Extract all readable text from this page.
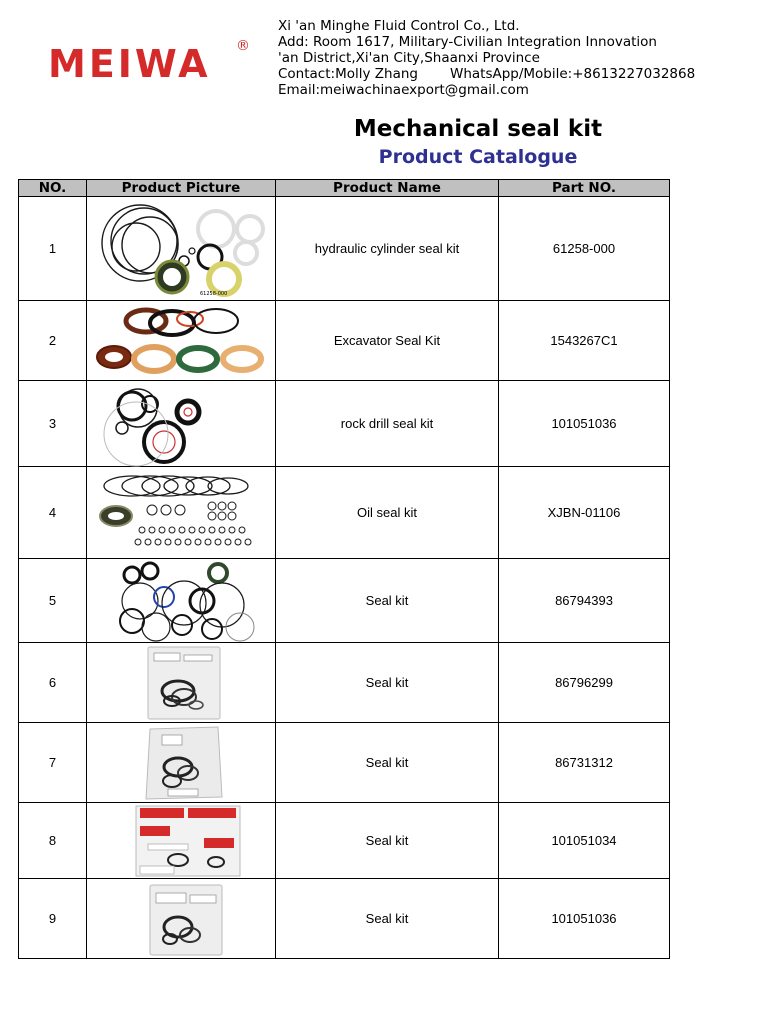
MEIWA ®
Xi 'an Minghe Fluid Control Co., Ltd.
Add: Room 1617, Military-Civilian Integration Innovation
'an District,Xi'an City,Shaanxi Province
Contact:Molly Zhang WhatsApp/Mobile:+8613227032868
Email:meiwachinaexport@gmail.com
Mechanical seal kit
Product Catalogue
NO.	Product Picture	Product Name	Part NO.
1	61258-000	hydraulic cylinder seal kit	61258-000
2		Excavator Seal Kit	1543267C1
3		rock drill seal kit	101051036
4		Oil seal kit	XJBN-01106
5		Seal kit	86794393
6		Seal kit	86796299
7		Seal kit	86731312
8		Seal kit	101051034
9		Seal kit	101051036
